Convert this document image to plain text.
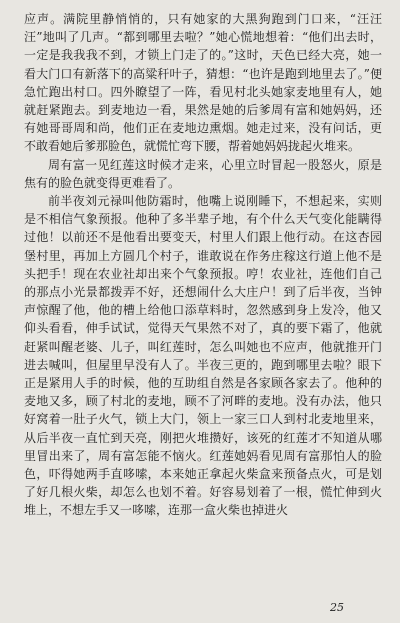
应声。满院里静悄悄的，只有她家的大黑狗跑到门口来，“汪汪汪”地叫了几声。“都到哪里去啦？”她心慌地想着：“他们出去时，一定是我我我不到，才锁上门走了的。”这时，天色已经大亮，她一看大门口有新落下的高粱秆叶子，猜想：“也许是跑到地里去了。”便急忙跑出村口。四外瞭望了一阵，看见村北头她家麦地里有人，她就赶紧跑去。到麦地边一看，果然是她的后爹周有富和她妈妈，还有她哥哥周和尚，他们正在麦地边熏烟。她走过来，没有问话，更不敢看她后爹那脸色，就慌忙弯下腰，帮着她妈妈拢起火堆来。

周有富一见红莲这时候才走来，心里立时冒起一股怒火，原是焦有的脸色就变得更难看了。

前半夜刘元禄叫他防霜时，他嘴上说刚睡下，不想起来，实则是不相信气象预报。他种了多半辈子地，有个什么天气变化能瞒得过他！以前还不是他看出要变天，村里人们跟上他行动。在这杏园堡村里，再加上方圆几个村子，谁敢说在作务庄稼这行道上他不是头把手！现在农业社却出来个气象预报。哼！农业社，连他们自己的那点小光景都拨弄不好，还想闹什么大庄户！到了后半夜，当钟声惊醒了他，他的槽上给他口添草料时，忽然感到身上发冷，他又仰头看看，伸手试试，觉得天气果然不对了，真的要下霜了，他就赶紧叫醒老婆、儿子，叫红莲时，怎么叫她也不应声，他就推开门进去喊叫，但屋里早没有人了。半夜三更的，跑到哪里去啦？眼下正是紧用人手的时候，他的互助组自然是各家顾各家去了。他种的麦地又多，顾了村北的麦地，顾不了河畔的麦地。没有办法，他只好窝着一肚子火气，锁上大门，领上一家三口人到村北麦地里来，从后半夜一直忙到天亮，刚把火堆攒好，该死的红莲才不知道从哪里冒出来了，周有富怎能不恼火。红莲她妈看见周有富那怕人的脸色，吓得她两手直哆嗦，本来她正拿起火柴盒来预备点火，可是划了好几根火柴，却怎么也划不着。好容易划着了一根，慌忙伸到火堆上，不想左手又一哆嗦，连那一盒火柴也掉进火

25
